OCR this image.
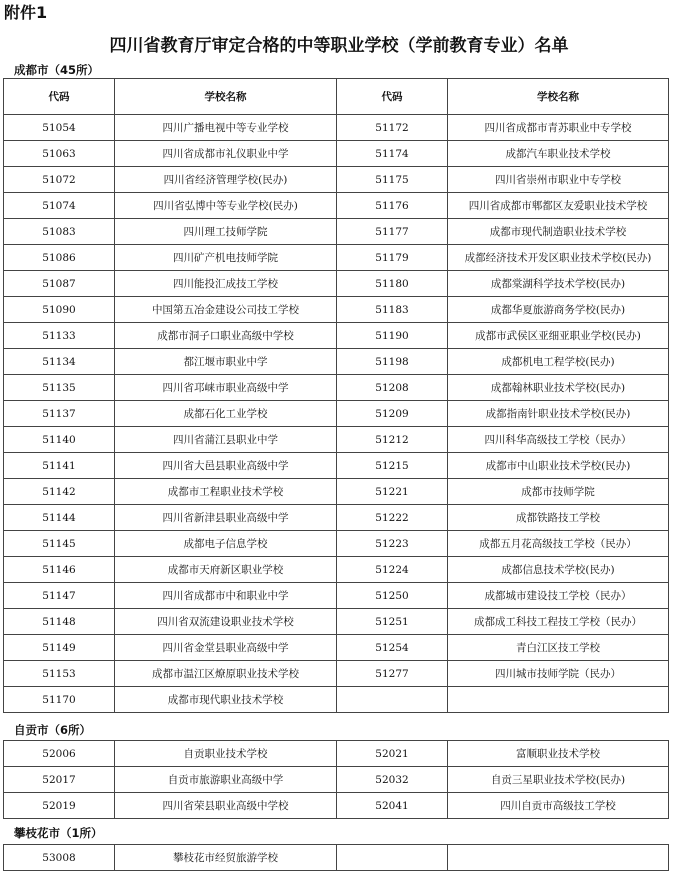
附件1
四川省教育厅审定合格的中等职业学校（学前教育专业）名单
成都市（45所）
代码	学校名称	代码	学校名称
51054	四川广播电视中等专业学校	51172	四川省成都市青苏职业中专学校
51063	四川省成都市礼仪职业中学	51174	成都汽车职业技术学校
51072	四川省经济管理学校(民办)	51175	四川省崇州市职业中专学校
51074	四川省弘博中等专业学校(民办)	51176	四川省成都市郫都区友爱职业技术学校
51083	四川理工技师学院	51177	成都市现代制造职业技术学校
51086	四川矿产机电技师学院	51179	成都经济技术开发区职业技术学校(民办)
51087	四川能投汇成技工学校	51180	成都棠湖科学技术学校(民办)
51090	中国第五冶金建设公司技工学校	51183	成都华夏旅游商务学校(民办)
51133	成都市洞子口职业高级中学校	51190	成都市武侯区亚细亚职业学校(民办)
51134	都江堰市职业中学	51198	成都机电工程学校(民办)
51135	四川省邛崃市职业高级中学	51208	成都翰林职业技术学校(民办)
51137	成都石化工业学校	51209	成都指南针职业技术学校(民办)
51140	四川省蒲江县职业中学	51212	四川科华高级技工学校（民办）
51141	四川省大邑县职业高级中学	51215	成都市中山职业技术学校(民办)
51142	成都市工程职业技术学校	51221	成都市技师学院
51144	四川省新津县职业高级中学	51222	成都铁路技工学校
51145	成都电子信息学校	51223	成都五月花高级技工学校（民办）
51146	成都市天府新区职业学校	51224	成都信息技术学校(民办)
51147	四川省成都市中和职业中学	51250	成都城市建设技工学校（民办）
51148	四川省双流建设职业技术学校	51251	成都成工科技工程技工学校（民办）
51149	四川省金堂县职业高级中学	51254	青白江区技工学校
51153	成都市温江区燎原职业技术学校	51277	四川城市技师学院（民办）
51170	成都市现代职业技术学校		
自贡市（6所）
52006	自贡职业技术学校	52021	富顺职业技术学校
52017	自贡市旅游职业高级中学	52032	自贡三星职业技术学校(民办)
52019	四川省荣县职业高级中学校	52041	四川自贡市高级技工学校
攀枝花市（1所）
53008	攀枝花市经贸旅游学校		
